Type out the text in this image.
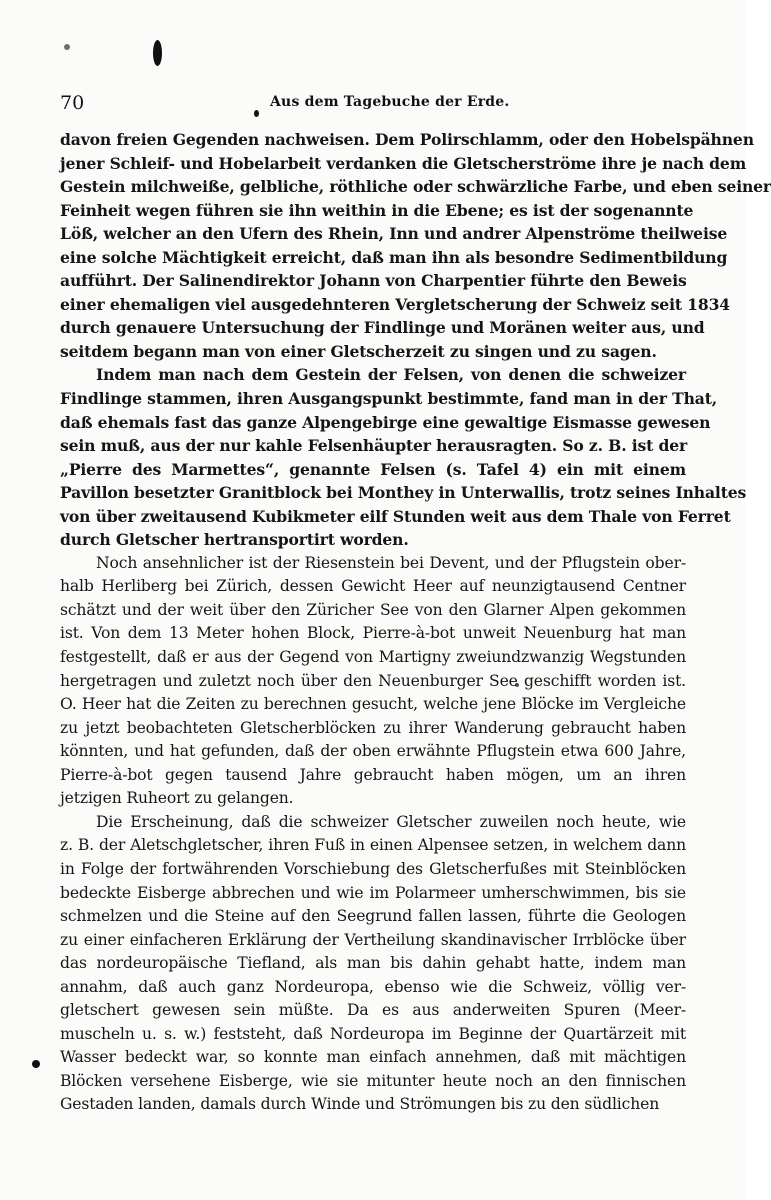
70	Aus dem Tagebuche der Erde.
davon freien Gegenden nachweisen. Dem Polirschlamm, oder den Hobelspähnen
jener Schleif- und Hobelarbeit verdanken die Gletscherströme ihre je nach dem
Gestein milchweiße, gelbliche, röthliche oder schwärzliche Farbe, und eben seiner
Feinheit wegen führen sie ihn weithin in die Ebene; es ist der sogenannte
Löß, welcher an den Ufern des Rhein, Inn und andrer Alpenströme theilweise
eine solche Mächtigkeit erreicht, daß man ihn als besondre Sedimentbildung
aufführt. Der Salinendirektor Johann von Charpentier führte den Beweis
einer ehemaligen viel ausgedehnteren Vergletscherung der Schweiz seit 1834
durch genauere Untersuchung der Findlinge und Moränen weiter aus, und
seitdem begann man von einer Gletscherzeit zu singen und zu sagen.
Indem man nach dem Gestein der Felsen, von denen die schweizer
Findlinge stammen, ihren Ausgangspunkt bestimmte, fand man in der That,
daß ehemals fast das ganze Alpengebirge eine gewaltige Eismasse gewesen
sein muß, aus der nur kahle Felsenhäupter herausragten. So z. B. ist der
„Pierre des Marmettes“, genannte Felsen (s. Tafel 4) ein mit einem
Pavillon besetzter Granitblock bei Monthey in Unterwallis, trotz seines Inhaltes
von über zweitausend Kubikmeter eilf Stunden weit aus dem Thale von Ferret
durch Gletscher hertransportirt worden.
Noch ansehnlicher ist der Riesenstein bei Devent, und der Pflugstein ober-
halb Herliberg bei Zürich, dessen Gewicht Heer auf neunzigtausend Centner
schätzt und der weit über den Züricher See von den Glarner Alpen gekommen
ist. Von dem 13 Meter hohen Block, Pierre-à-bot unweit Neuenburg hat man
festgestellt, daß er aus der Gegend von Martigny zweiundzwanzig Wegstunden
hergetragen und zuletzt noch über den Neuenburger See geschifft worden ist.
O. Heer hat die Zeiten zu berechnen gesucht, welche jene Blöcke im Vergleiche
zu jetzt beobachteten Gletscherblöcken zu ihrer Wanderung gebraucht haben
könnten, und hat gefunden, daß der oben erwähnte Pflugstein etwa 600 Jahre,
Pierre-à-bot gegen tausend Jahre gebraucht haben mögen, um an ihren
jetzigen Ruheort zu gelangen.
Die Erscheinung, daß die schweizer Gletscher zuweilen noch heute, wie
z. B. der Aletschgletscher, ihren Fuß in einen Alpensee setzen, in welchem dann
in Folge der fortwährenden Vorschiebung des Gletscherfußes mit Steinblöcken
bedeckte Eisberge abbrechen und wie im Polarmeer umherschwimmen, bis sie
schmelzen und die Steine auf den Seegrund fallen lassen, führte die Geologen
zu einer einfacheren Erklärung der Vertheilung skandinavischer Irrblöcke über
das nordeuropäische Tiefland, als man bis dahin gehabt hatte, indem man
annahm, daß auch ganz Nordeuropa, ebenso wie die Schweiz, völlig ver-
gletschert gewesen sein müßte. Da es aus anderweiten Spuren (Meer-
muscheln u. s. w.) feststeht, daß Nordeuropa im Beginne der Quartärzeit mit
Wasser bedeckt war, so konnte man einfach annehmen, daß mit mächtigen
Blöcken versehene Eisberge, wie sie mitunter heute noch an den finnischen
Gestaden landen, damals durch Winde und Strömungen bis zu den südlichen
